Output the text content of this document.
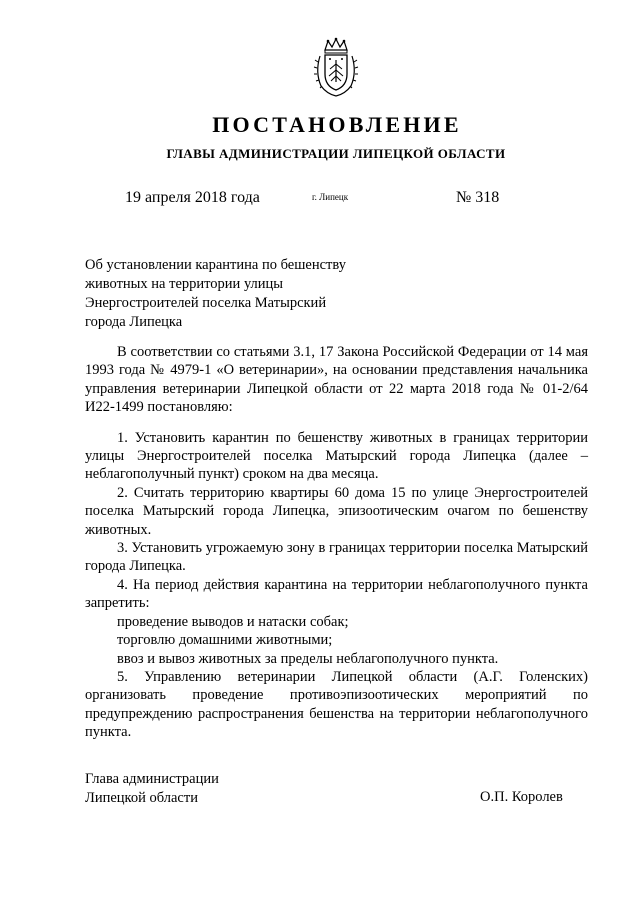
ПОСТАНОВЛЕНИЕ
ГЛАВЫ АДМИНИСТРАЦИИ ЛИПЕЦКОЙ ОБЛАСТИ
19 апреля 2018 года	г. Липецк	№ 318
Об установлении карантина по бешенству
животных на территории улицы
Энергостроителей поселка Матырский
города Липецка

В соответствии со статьями 3.1, 17 Закона Российской Федерации от 14 мая 1993 года № 4979-1 «О ветеринарии», на основании представления начальника управления ветеринарии Липецкой области от 22 марта 2018 года № 01-2/64 И22-1499 постановляю:

1. Установить карантин по бешенству животных в границах территории улицы Энергостроителей поселка Матырский города Липецка (далее – неблагополучный пункт) сроком на два месяца.

2. Считать территорию квартиры 60 дома 15 по улице Энергостроителей поселка Матырский города Липецка, эпизоотическим очагом по бешенству животных.

3. Установить угрожаемую зону в границах территории поселка Матырский города Липецка.

4. На период действия карантина на территории неблагополучного пункта запретить:

проведение выводов и натаски собак;

торговлю домашними животными;

ввоз и вывоз животных за пределы неблагополучного пункта.

5. Управлению ветеринарии Липецкой области (А.Г. Голенских) организовать проведение противоэпизоотических мероприятий по предупреждению распространения бешенства на территории неблагополучного пункта.

Глава администрации
Липецкой области	О.П. Королев
